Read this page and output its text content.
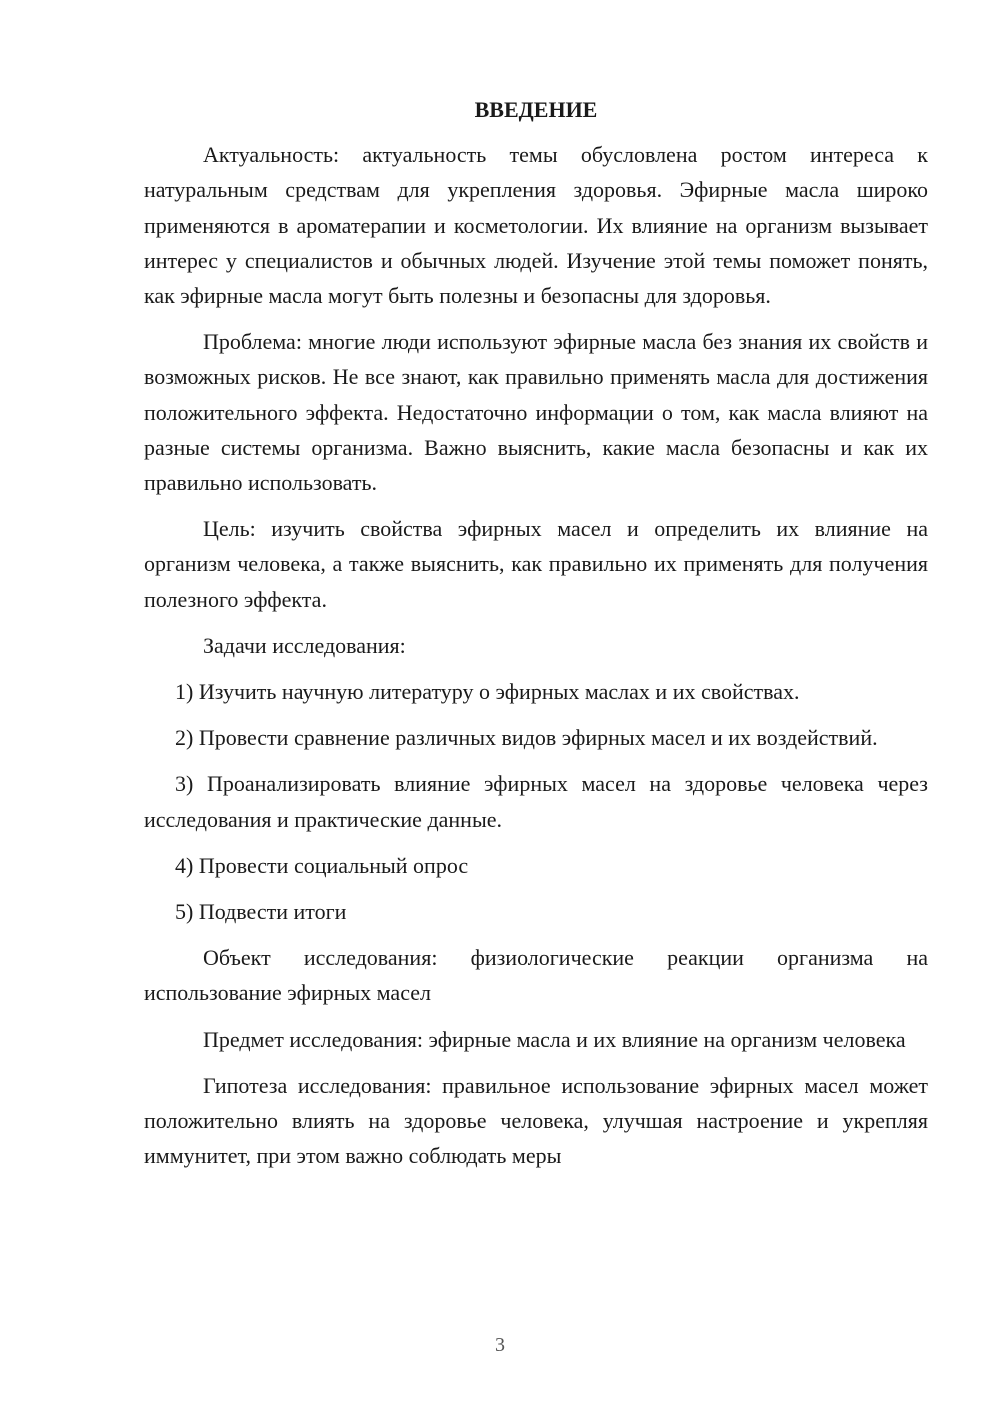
ВВЕДЕНИЕ

Актуальность: актуальность темы обусловлена ростом интереса к натуральным средствам для укрепления здоровья. Эфирные масла широко применяются в ароматерапии и косметологии. Их влияние на организм вызывает интерес у специалистов и обычных людей. Изучение этой темы поможет понять, как эфирные масла могут быть полезны и безопасны для здоровья.

Проблема: многие люди используют эфирные масла без знания их свойств и возможных рисков. Не все знают, как правильно применять масла для достижения положительного эффекта. Недостаточно информации о том, как масла влияют на разные системы организма. Важно выяснить, какие масла безопасны и как их правильно использовать.

Цель: изучить свойства эфирных масел и определить их влияние на организм человека, а также выяснить, как правильно их применять для получения полезного эффекта.

Задачи исследования:

1) Изучить научную литературу о эфирных маслах и их свойствах.

2) Провести сравнение различных видов эфирных масел и их воздействий.

3) Проанализировать влияние эфирных масел на здоровье человека через исследования и практические данные.

4) Провести социальный опрос

5) Подвести итоги

Объект исследования: физиологические реакции организма на использование эфирных масел

Предмет исследования: эфирные масла и их влияние на организм человека

Гипотеза исследования: правильное использование эфирных масел может положительно влиять на здоровье человека, улучшая настроение и укрепляя иммунитет, при этом важно соблюдать меры

3
